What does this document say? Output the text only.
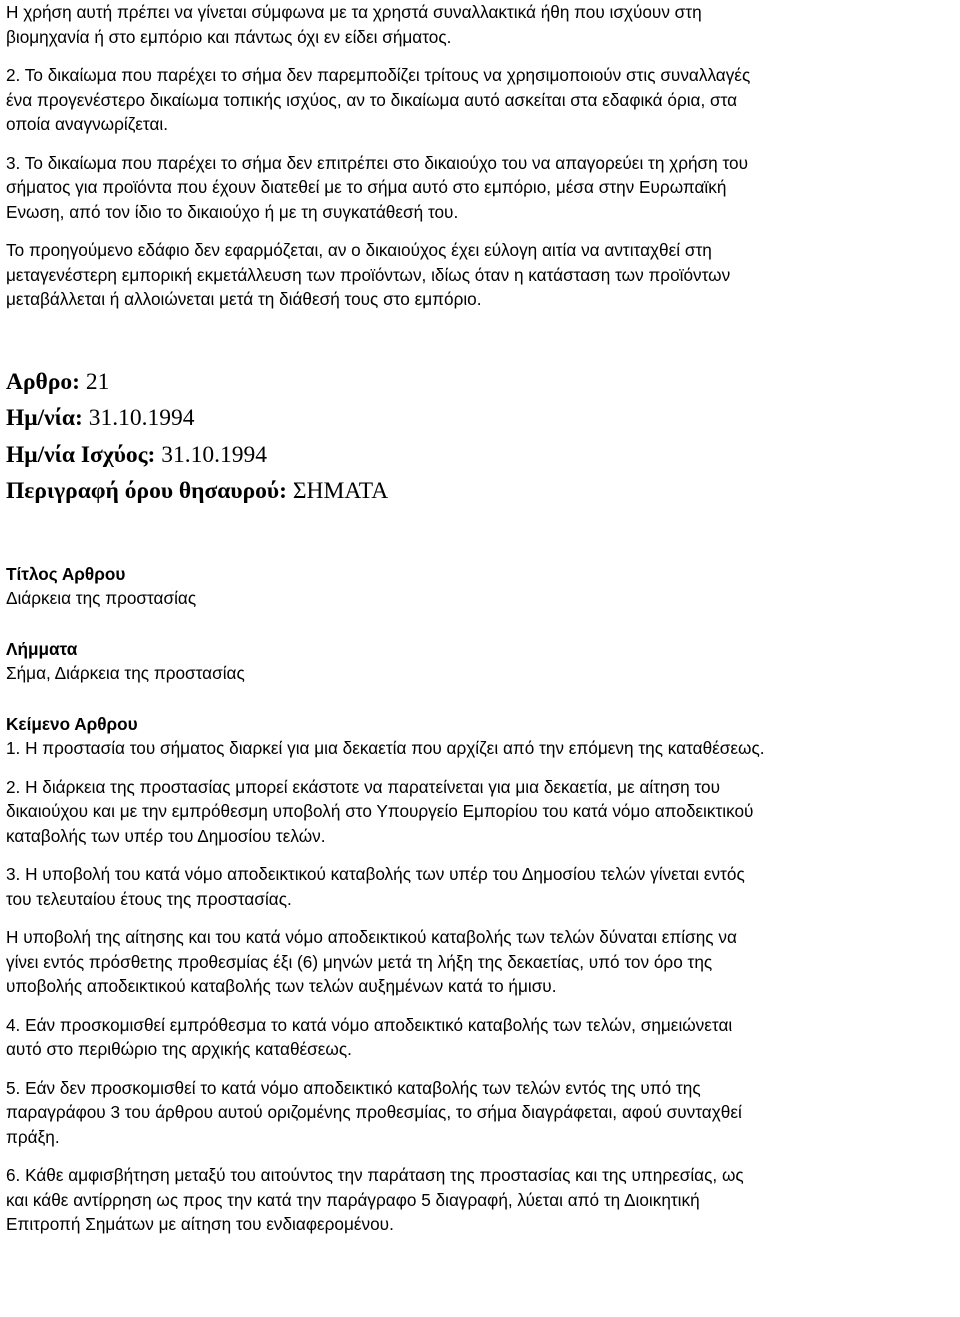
Η χρήση αυτή πρέπει να γίνεται σύμφωνα με τα χρηστά συναλλακτικά ήθη που ισχύουν στη
βιομηχανία ή στο εμπόριο και πάντως όχι εν είδει σήματος.

2. Το δικαίωμα που παρέχει το σήμα δεν παρεμποδίζει τρίτους να χρησιμοποιούν στις συναλλαγές
ένα προγενέστερο δικαίωμα τοπικής ισχύος, αν το δικαίωμα αυτό ασκείται στα εδαφικά όρια, στα
οποία αναγνωρίζεται.

3. Το δικαίωμα που παρέχει το σήμα δεν επιτρέπει στο δικαιούχο του να απαγορεύει τη χρήση του
σήματος για προϊόντα που έχουν διατεθεί με το σήμα αυτό στο εμπόριο, μέσα στην Ευρωπαϊκή
Ενωση, από τον ίδιο το δικαιούχο ή με τη συγκατάθεσή του.

Το προηγούμενο εδάφιο δεν εφαρμόζεται, αν ο δικαιούχος έχει εύλογη αιτία να αντιταχθεί στη
μεταγενέστερη εμπορική εκμετάλλευση των προϊόντων, ιδίως όταν η κατάσταση των προϊόντων
μεταβάλλεται ή αλλοιώνεται μετά τη διάθεσή τους στο εμπόριο.

Αρθρο: 21

Ημ/νία: 31.10.1994

Ημ/νία Ισχύος: 31.10.1994

Περιγραφή όρου θησαυρού: ΣΗΜΑΤΑ

Τίτλος Αρθρου

Διάρκεια της προστασίας

Λήμματα

Σήμα, Διάρκεια της προστασίας

Κείμενο Αρθρου

1. Η προστασία του σήματος διαρκεί για μια δεκαετία που αρχίζει από την επόμενη της καταθέσεως.

2. Η διάρκεια της προστασίας μπορεί εκάστοτε να παρατείνεται για μια δεκαετία, με αίτηση του
δικαιούχου και με την εμπρόθεσμη υποβολή στο Υπουργείο Εμπορίου του κατά νόμο αποδεικτικού
καταβολής των υπέρ του Δημοσίου τελών.

3. Η υποβολή του κατά νόμο αποδεικτικού καταβολής των υπέρ του Δημοσίου τελών γίνεται εντός
του τελευταίου έτους της προστασίας.

Η υποβολή της αίτησης και του κατά νόμο αποδεικτικού καταβολής των τελών δύναται επίσης να
γίνει εντός πρόσθετης προθεσμίας έξι (6) μηνών μετά τη λήξη της δεκαετίας, υπό τον όρο της
υποβολής αποδεικτικού καταβολής των τελών αυξημένων κατά το ήμισυ.

4. Εάν προσκομισθεί εμπρόθεσμα το κατά νόμο αποδεικτικό καταβολής των τελών, σημειώνεται
αυτό στο περιθώριο της αρχικής καταθέσεως.

5. Εάν δεν προσκομισθεί το κατά νόμο αποδεικτικό καταβολής των τελών εντός της υπό της
παραγράφου 3 του άρθρου αυτού οριζομένης προθεσμίας, το σήμα διαγράφεται, αφού συνταχθεί
πράξη.

6. Κάθε αμφισβήτηση μεταξύ του αιτούντος την παράταση της προστασίας και της υπηρεσίας, ως
και κάθε αντίρρηση ως προς την κατά την παράγραφο 5 διαγραφή, λύεται από τη Διοικητική
Επιτροπή Σημάτων με αίτηση του ενδιαφερομένου.
